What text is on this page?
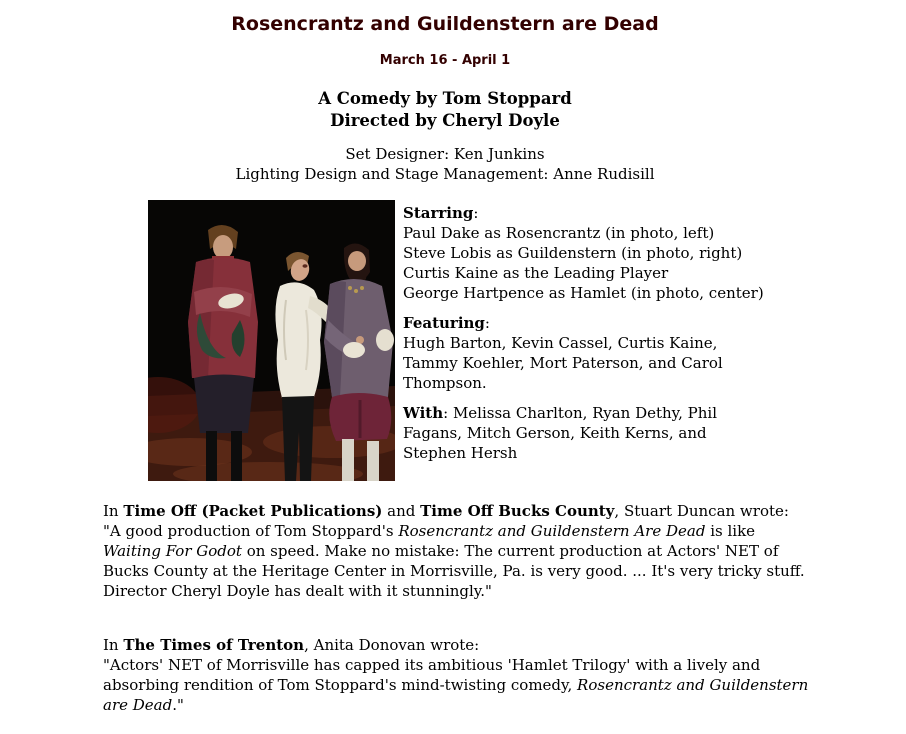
Rosencrantz and Guildenstern are Dead
March 16 - April 1
A Comedy by Tom Stoppard
Directed by Cheryl Doyle
Set Designer: Ken Junkins
Lighting Design and Stage Management: Anne Rudisill

Starring:
Paul Dake as Rosencrantz (in photo, left)
Steve Lobis as Guildenstern (in photo, right)
Curtis Kaine as the Leading Player
George Hartpence as Hamlet (in photo, center)

Featuring:
Hugh Barton, Kevin Cassel, Curtis Kaine,
Tammy Koehler, Mort Paterson, and Carol
Thompson.

With: Melissa Charlton, Ryan Dethy, Phil
Fagans, Mitch Gerson, Keith Kerns, and
Stephen Hersh

In Time Off (Packet Publications) and Time Off Bucks County, Stuart Duncan wrote:
"A good production of Tom Stoppard's Rosencrantz and Guildenstern Are Dead is like
Waiting For Godot on speed. Make no mistake: The current production at Actors' NET of
Bucks County at the Heritage Center in Morrisville, Pa. is very good. ... It's very tricky stuff.
Director Cheryl Doyle has dealt with it stunningly."

In The Times of Trenton, Anita Donovan wrote:
"Actors' NET of Morrisville has capped its ambitious 'Hamlet Trilogy' with a lively and
absorbing rendition of Tom Stoppard's mind-twisting comedy, Rosencrantz and Guildenstern
are Dead."
